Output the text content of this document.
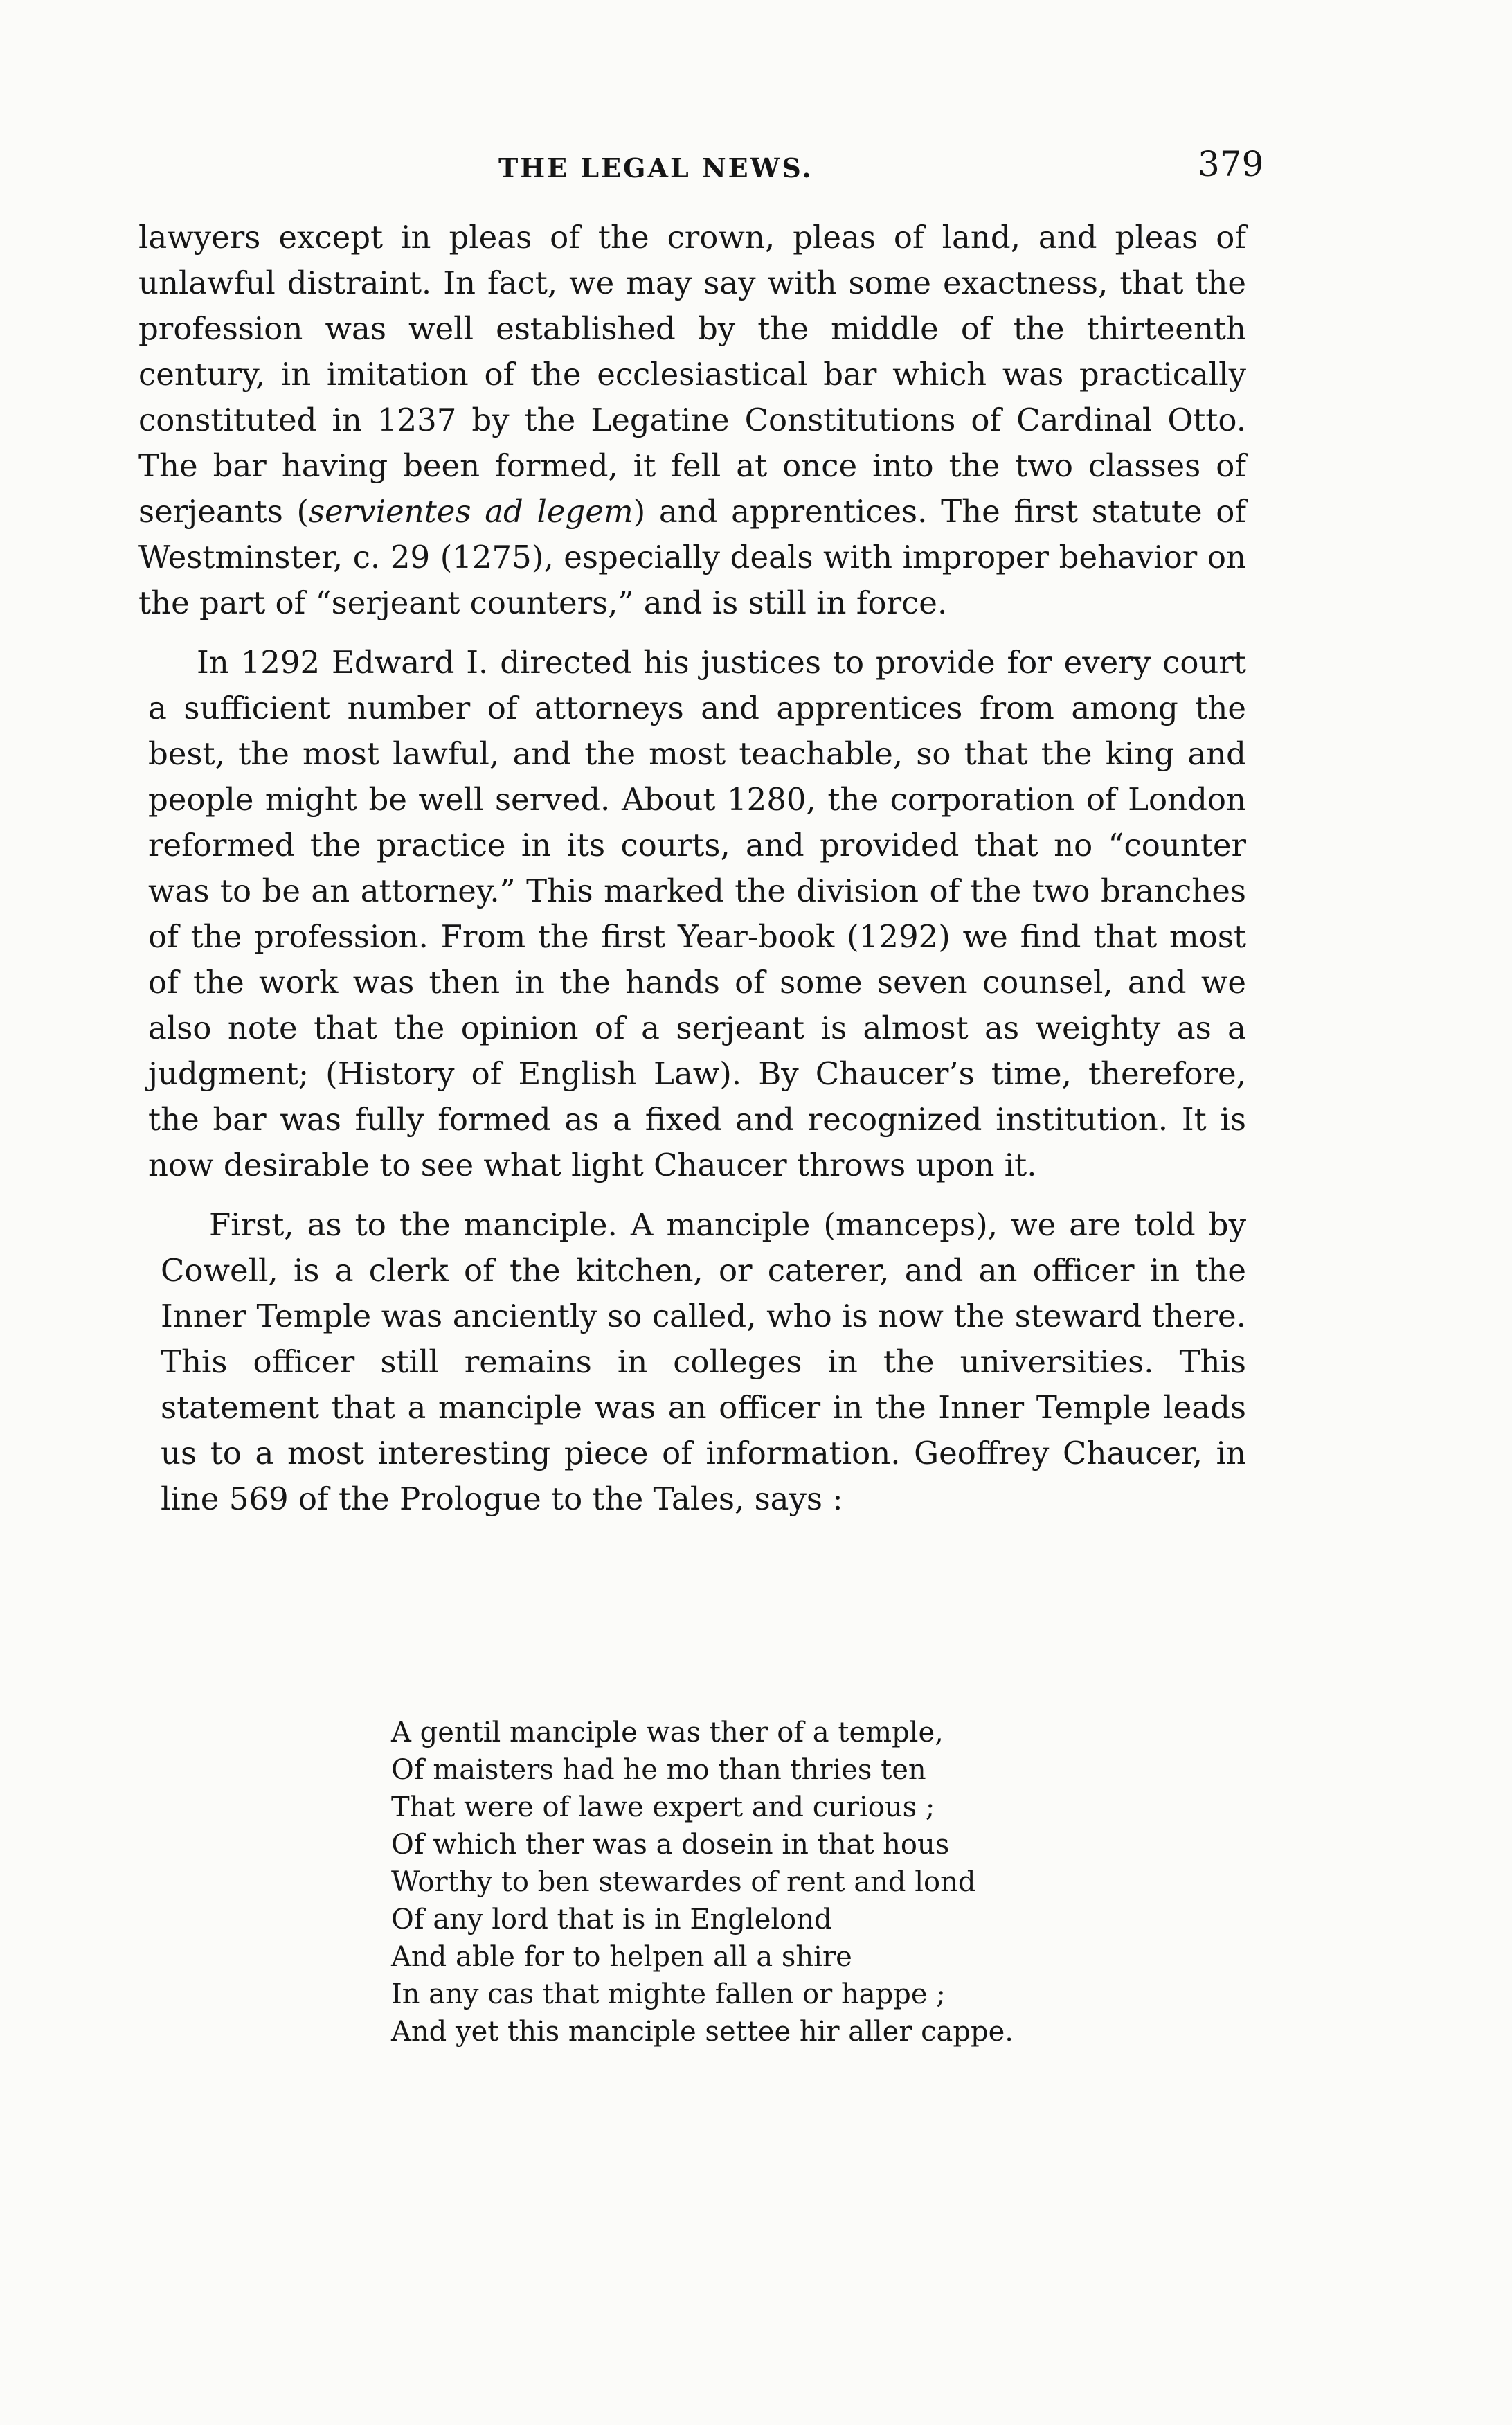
THE LEGAL NEWS.	379

lawyers except in pleas of the crown, pleas of land, and pleas of unlawful distraint. In fact, we may say with some exactness, that the profession was well established by the middle of the thirteenth century, in imitation of the ecclesiastical bar which was practically constituted in 1237 by the Legatine Constitutions of Cardinal Otto. The bar having been formed, it fell at once into the two classes of serjeants (servientes ad legem) and apprentices. The first statute of Westminster, c. 29 (1275), especially deals with improper behavior on the part of “serjeant counters,” and is still in force.

In 1292 Edward I. directed his justices to provide for every court a sufficient number of attorneys and apprentices from among the best, the most lawful, and the most teachable, so that the king and people might be well served. About 1280, the corporation of London reformed the practice in its courts, and provided that no “counter was to be an attorney.” This marked the division of the two branches of the profession. From the first Year-book (1292) we find that most of the work was then in the hands of some seven counsel, and we also note that the opinion of a serjeant is almost as weighty as a judgment; (History of English Law). By Chaucer’s time, therefore, the bar was fully formed as a fixed and recognized institution. It is now desirable to see what light Chaucer throws upon it.

First, as to the manciple. A manciple (manceps), we are told by Cowell, is a clerk of the kitchen, or caterer, and an officer in the Inner Temple was anciently so called, who is now the steward there. This officer still remains in colleges in the universities. This statement that a manciple was an officer in the Inner Temple leads us to a most interesting piece of information. Geoffrey Chaucer, in line 569 of the Prologue to the Tales, says :

A gentil manciple was ther of a temple,
Of maisters had he mo than thries ten
That were of lawe expert and curious ;
Of which ther was a dosein in that hous
Worthy to ben stewardes of rent and lond
Of any lord that is in Englelond
And able for to helpen all a shire
In any cas that mighte fallen or happe ;
And yet this manciple settee hir aller cappe.
